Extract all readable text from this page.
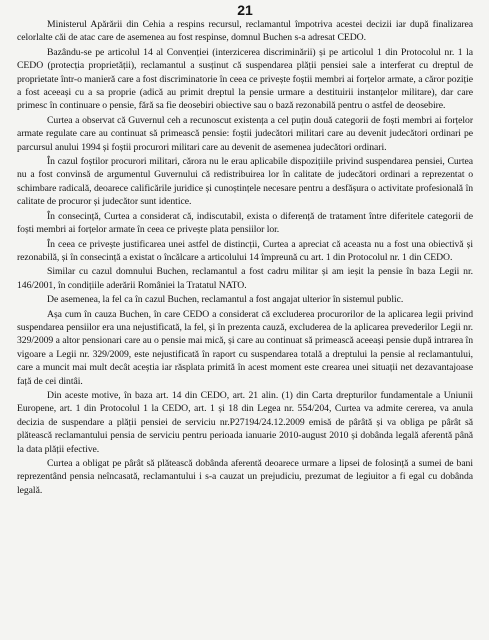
21

Ministerul Apărării din Cehia a respins recursul, reclamantul împotriva acestei decizii iar după finalizarea celorlalte căi de atac care de asemenea au fost respinse, domnul Buchen s-a adresat CEDO.

Bazându-se pe articolul 14 al Convenției (interzicerea discriminării) și pe articolul 1 din Protocolul nr. 1 la CEDO (protecția proprietății), reclamantul a susținut că suspendarea plății pensiei sale a interferat cu dreptul de proprietate într-o manieră care a fost discriminatorie în ceea ce privește foștii membri ai forțelor armate, a căror poziție a fost aceeași cu a sa proprie (adică au primit dreptul la pensie urmare a destituirii instanțelor militare), dar care primesc în continuare o pensie, fără sa fie deosebiri obiective sau o bază rezonabilă pentru o astfel de deosebire.

Curtea a observat că Guvernul ceh a recunoscut existența a cel puțin două categorii de foști membri ai forțelor armate regulate care au continuat să primească pensie: foștii judecători militari care au devenit judecători ordinari pe parcursul anului 1994 și foștii procurori militari care au devenit de asemenea judecători ordinari.

În cazul foștilor procurori militari, cărora nu le erau aplicabile dispozițiile privind suspendarea pensiei, Curtea nu a fost convinsă de argumentul Guvernului că redistribuirea lor în calitate de judecători ordinari a reprezentat o schimbare radicală, deoarece calificările juridice și cunoștințele necesare pentru a desfășura o activitate profesională în calitate de procuror și judecător sunt identice.

În consecință, Curtea a considerat că, indiscutabil, exista o diferență de tratament între diferitele categorii de foști membri ai forțelor armate în ceea ce privește plata pensiilor lor.

În ceea ce privește justificarea unei astfel de distincții, Curtea a apreciat că aceasta nu a fost una obiectivă și rezonabilă, și în consecință a existat o încălcare a articolului 14 împreună cu art. 1 din Protocolul nr. 1 din CEDO.

Similar cu cazul domnului Buchen, reclamantul a fost cadru militar și am ieșit la pensie în baza Legii nr. 146/2001, în condițiile aderării României la Tratatul NATO.

De asemenea, la fel ca în cazul Buchen, reclamantul a fost angajat ulterior în sistemul public.

Așa cum în cauza Buchen, în care CEDO a considerat că excluderea procurorilor de la aplicarea legii privind suspendarea pensiilor era una nejustificată, la fel, și în prezenta cauză, excluderea de la aplicarea prevederilor Legii nr. 329/2009 a altor pensionari care au o pensie mai mică, și care au continuat să primească aceeași pensie după intrarea în vigoare a Legii nr. 329/2009, este nejustificată în raport cu suspendarea totală a dreptului la pensie al reclamantului, care a muncit mai mult decât aceștia iar răsplata primită în acest moment este crearea unei situații net dezavantajoase față de cei dintâi.

Din aceste motive, în baza art. 14 din CEDO, art. 21 alin. (1) din Carta drepturilor fundamentale a Uniunii Europene, art. 1 din Protocolul 1 la CEDO, art. 1 și 18 din Legea nr. 554/204, Curtea va admite cererea, va anula decizia de suspendare a plății pensiei de serviciu nr.P27194/24.12.2009 emisă de pârâtă și va obliga pe pârât să plătească reclamantului pensia de serviciu pentru perioada ianuarie 2010-august 2010 și dobânda legală aferentă până la data plății efective.

Curtea a obligat pe pârât să plătească dobânda aferentă deoarece urmare a lipsei de folosință a sumei de bani reprezentând pensia neîncasată, reclamantului i s-a cauzat un prejudiciu, prezumat de legiuitor a fi egal cu dobânda legală.
